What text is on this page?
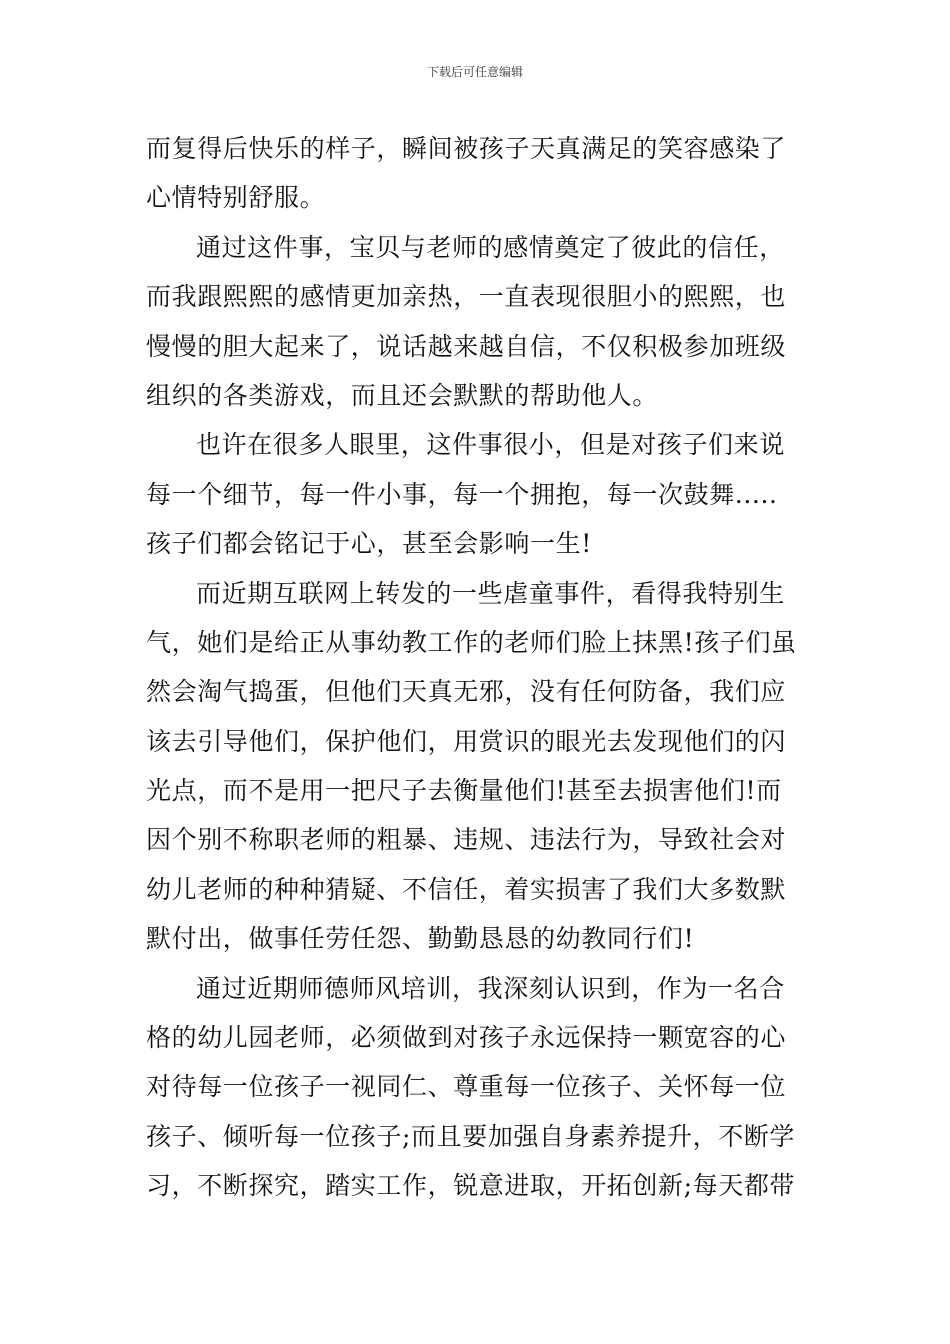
下载后可任意编辑
而复得后快乐的样子，瞬间被孩子天真满足的笑容感染了
心情特别舒服。
通过这件事，宝贝与老师的感情奠定了彼此的信任，
而我跟熙熙的感情更加亲热，一直表现很胆小的熙熙，也
慢慢的胆大起来了，说话越来越自信，不仅积极参加班级
组织的各类游戏，而且还会默默的帮助他人。
也许在很多人眼里，这件事很小，但是对孩子们来说
每一个细节，每一件小事，每一个拥抱，每一次鼓舞.....
孩子们都会铭记于心，甚至会影响一生!
而近期互联网上转发的一些虐童事件，看得我特别生
气，她们是给正从事幼教工作的老师们脸上抹黑!孩子们虽
然会淘气捣蛋，但他们天真无邪，没有任何防备，我们应
该去引导他们，保护他们，用赏识的眼光去发现他们的闪
光点，而不是用一把尺子去衡量他们!甚至去损害他们!而
因个别不称职老师的粗暴、违规、违法行为，导致社会对
幼儿老师的种种猜疑、不信任，着实损害了我们大多数默
默付出，做事任劳任怨、勤勤恳恳的幼教同行们!
通过近期师德师风培训，我深刻认识到，作为一名合
格的幼儿园老师，必须做到对孩子永远保持一颗宽容的心
对待每一位孩子一视同仁、尊重每一位孩子、关怀每一位
孩子、倾听每一位孩子;而且要加强自身素养提升，不断学
习，不断探究，踏实工作，锐意进取，开拓创新;每天都带
